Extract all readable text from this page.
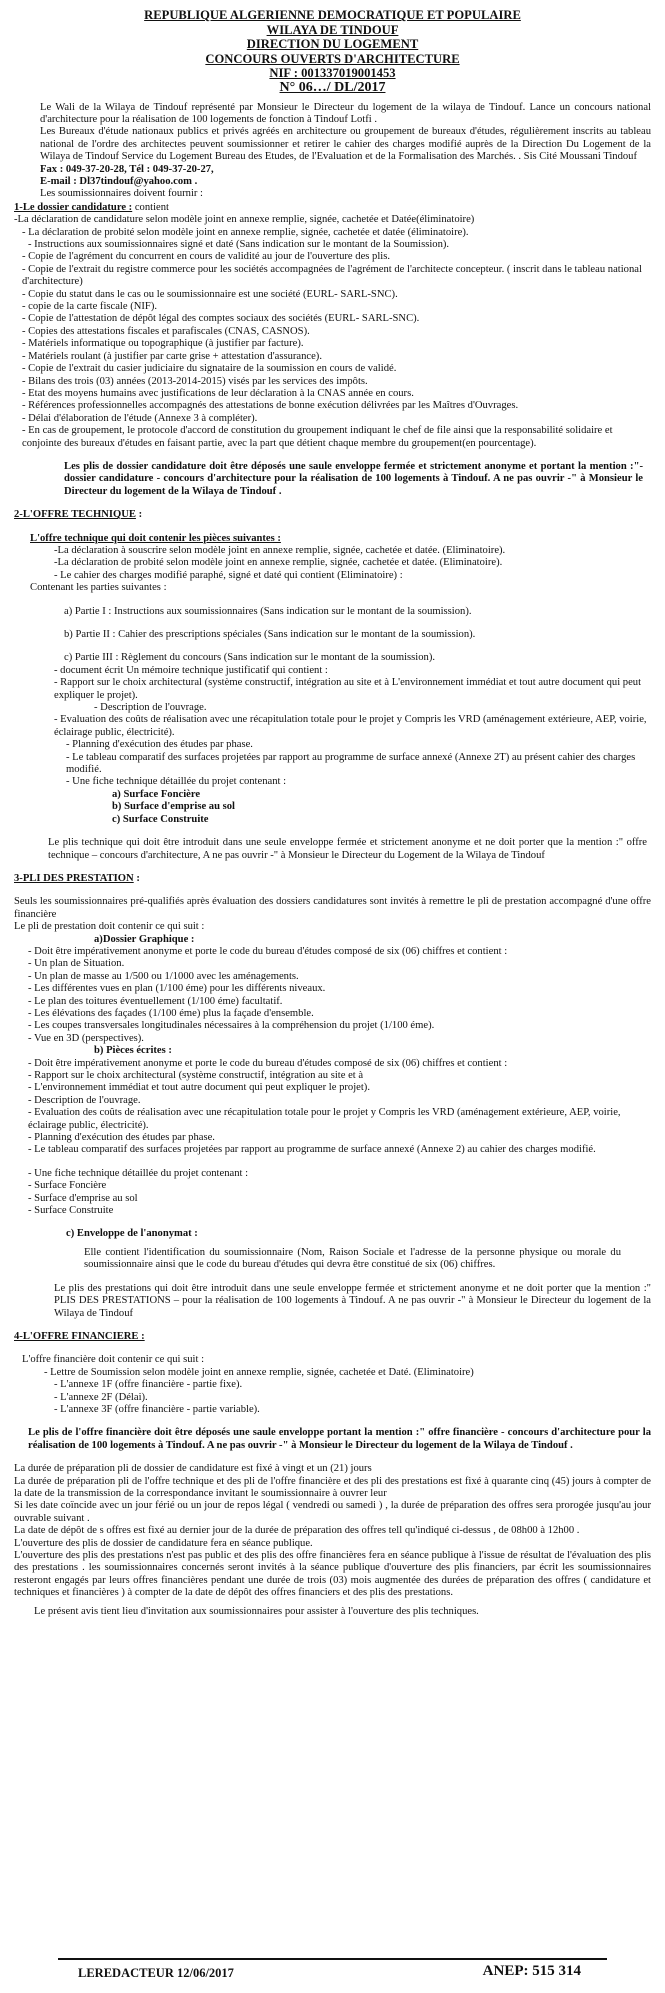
REPUBLIQUE ALGERIENNE DEMOCRATIQUE ET POPULAIRE

WILAYA DE TINDOUF

DIRECTION DU LOGEMENT

CONCOURS OUVERTS D'ARCHITECTURE

NIF : 001337019001453

N° 06…/ DL/2017

Le Wali de la Wilaya de Tindouf représenté par Monsieur le Directeur du logement de la wilaya de Tindouf. Lance un concours national d'architecture pour la réalisation de 100 logements de fonction à Tindouf Lotfi .

Les Bureaux d'étude nationaux publics et privés agréés en architecture ou groupement de bureaux d'études, régulièrement inscrits au tableau national de l'ordre des architectes peuvent soumissionner et retirer le cahier des charges modifié auprès de la Direction Du Logement de la Wilaya de Tindouf Service du Logement Bureau des Etudes, de l'Evaluation et de la Formalisation des Marchés. . Sis Cité Moussani Tindouf

Fax : 049-37-20-28, Tél : 049-37-20-27,

E-mail : Dl37tindouf@yahoo.com .

Les soumissionnaires doivent fournir :

1-Le dossier candidature : contient

-La déclaration de candidature selon modèle joint en annexe remplie, signée, cachetée et Datée(éliminatoire)

- La déclaration de probité selon modèle joint en annexe remplie, signée, cachetée et datée (éliminatoire).

- Instructions aux soumissionnaires signé et daté (Sans indication sur le montant de la Soumission).

- Copie de l'agrément du concurrent en cours de validité au jour de l'ouverture des plis.

- Copie de l'extrait du registre commerce pour les sociétés accompagnées de l'agrément de l'architecte concepteur. ( inscrit dans le tableau national d'architecture)

- Copie du statut dans le cas ou le soumissionnaire est une société (EURL- SARL-SNC).

- copie de la carte fiscale (NIF).

- Copie de l'attestation de dépôt légal des comptes sociaux des sociétés (EURL- SARL-SNC).

- Copies des attestations fiscales et parafiscales (CNAS, CASNOS).

- Matériels informatique ou topographique (à justifier par facture).

- Matériels roulant (à justifier par carte grise + attestation d'assurance).

- Copie de l'extrait du casier judiciaire du signataire de la soumission en cours de validé.

- Bilans des trois (03) années (2013-2014-2015) visés par les services des impôts.

- Etat des moyens humains avec justifications de leur déclaration à la CNAS année en cours.

- Références professionnelles accompagnés des attestations de bonne exécution délivrées par les Maîtres d'Ouvrages.

- Délai d'élaboration de l'étude (Annexe 3 à compléter).

- En cas de groupement, le protocole d'accord de constitution du groupement indiquant le chef de file ainsi que la responsabilité solidaire et conjointe des bureaux d'études en faisant partie, avec la part que détient chaque membre du groupement(en pourcentage).

Les plis de dossier candidature doit être déposés une saule enveloppe fermée et strictement anonyme et portant la mention :"- dossier candidature - concours d'architecture pour la réalisation de 100 logements à Tindouf. A ne pas ouvrir -" à Monsieur le Directeur du logement de la Wilaya de Tindouf .

2-L'OFFRE TECHNIQUE :

L'offre technique qui doit contenir les pièces suivantes :

-La déclaration à souscrire selon modèle joint en annexe remplie, signée, cachetée et datée. (Eliminatoire).

-La déclaration de probité selon modèle joint en annexe remplie, signée, cachetée et datée. (Eliminatoire).

- Le cahier des charges modifié paraphé, signé et daté qui contient (Eliminatoire) :

Contenant les parties suivantes :

a) Partie I : Instructions aux soumissionnaires (Sans indication sur le montant de la soumission).

b) Partie II : Cahier des prescriptions spéciales (Sans indication sur le montant de la soumission).

c) Partie III : Règlement du concours (Sans indication sur le montant de la soumission).

- document écrit Un mémoire technique justificatif qui contient :

- Rapport sur le choix architectural (système constructif, intégration au site et à L'environnement immédiat et tout autre document qui peut expliquer le projet).

- Description de l'ouvrage.

- Evaluation des coûts de réalisation avec une récapitulation totale pour le projet y Compris les VRD (aménagement extérieure, AEP, voirie, éclairage public, électricité).

- Planning d'exécution des études par phase.

- Le tableau comparatif des surfaces projetées par rapport au programme de surface annexé (Annexe 2T) au présent cahier des charges modifié.

- Une fiche technique détaillée du projet contenant :

a) Surface Foncière

b) Surface d'emprise au sol

c) Surface Construite

Le plis technique qui doit être introduit dans une seule enveloppe fermée et strictement anonyme et ne doit porter que la mention :" offre technique – concours d'architecture, A ne pas ouvrir -" à Monsieur le Directeur du Logement de la Wilaya de Tindouf

3-PLI DES PRESTATION :

Seuls les soumissionnaires pré-qualifiés après évaluation des dossiers candidatures sont invités à remettre le pli de prestation accompagné d'une offre financière

Le pli de prestation doit contenir ce qui suit :

a)Dossier Graphique :

- Doit être impérativement anonyme et porte le code du bureau d'études composé de six (06) chiffres et contient :

- Un plan de Situation.

- Un plan de masse au 1/500 ou 1/1000 avec les aménagements.

- Les différentes vues en plan (1/100 éme) pour les différents niveaux.

- Le plan des toitures éventuellement (1/100 éme) facultatif.

- Les élévations des façades (1/100 éme) plus la façade d'ensemble.

- Les coupes transversales longitudinales nécessaires à la compréhension du projet (1/100 éme).

- Vue en 3D (perspectives).

b) Pièces écrites :

- Doit être impérativement anonyme et porte le code du bureau d'études composé de six (06) chiffres et contient :

- Rapport sur le choix architectural (système constructif, intégration au site et à

- L'environnement immédiat et tout autre document qui peut expliquer le projet).

- Description de l'ouvrage.

- Evaluation des coûts de réalisation avec une récapitulation totale pour le projet y Compris les VRD (aménagement extérieure, AEP, voirie, éclairage public, électricité).

- Planning d'exécution des études par phase.

- Le tableau comparatif des surfaces projetées par rapport au programme de surface annexé (Annexe 2) au cahier des charges modifié.

- Une fiche technique détaillée du projet contenant :

- Surface Foncière

- Surface d'emprise au sol

- Surface Construite

c) Enveloppe de l'anonymat :

Elle contient l'identification du soumissionnaire (Nom, Raison Sociale et l'adresse de la personne physique ou morale du soumissionnaire ainsi que le code du bureau d'études qui devra être constitué de six (06) chiffres.

Le plis des prestations qui doit être introduit dans une seule enveloppe fermée et strictement anonyme et ne doit porter que la mention :" PLIS DES PRESTATIONS – pour la réalisation de 100 logements à Tindouf. A ne pas ouvrir -" à Monsieur le Directeur du logement de la Wilaya de Tindouf

4-L'OFFRE FINANCIERE :

L'offre financière doit contenir ce qui suit :

- Lettre de Soumission selon modèle joint en annexe remplie, signée, cachetée et Daté. (Eliminatoire)

- L'annexe 1F (offre financière - partie fixe).

- L'annexe 2F (Délai).

- L'annexe 3F (offre financière - partie variable).

Le plis de l'offre financière doit être déposés une saule enveloppe portant la mention :" offre financière - concours d'architecture pour la réalisation de 100 logements à Tindouf. A ne pas ouvrir -" à Monsieur le Directeur du logement de la Wilaya de Tindouf .

La durée de préparation pli de dossier de candidature est fixé à vingt et un (21) jours

La durée de préparation pli de l'offre technique et des pli de l'offre financière et des pli des prestations est fixé à quarante cinq (45) jours à compter de la date de la transmission de la correspondance invitant le soumissionnaire à ouvrer leur

Si les date coïncide avec un jour férié ou un jour de repos légal ( vendredi ou samedi ) , la durée de préparation des offres sera prorogée jusqu'au jour ouvrable suivant .

La date de dépôt de s offres est fixé au dernier jour de la durée de préparation des offres tell qu'indiqué ci-dessus , de 08h00 à 12h00 .

L'ouverture des plis de dossier de candidature fera en séance publique.

L'ouverture des plis des prestations n'est pas public et des plis des offre financières fera en séance publique à l'issue de résultat de l'évaluation des plis des prestations . les soumissionnaires concernés seront invités à la séance publique d'ouverture des plis financiers, par écrit les soumissionnaires resteront engagés par leurs offres financières pendant une durée de trois (03) mois augmentée des durées de préparation des offres ( candidature et techniques et financières ) à compter de la date de dépôt des offres financiers et des plis des prestations.

Le présent avis tient lieu d'invitation aux soumissionnaires pour assister à l'ouverture des plis techniques.

LEREDACTEUR 12/06/2017	ANEP: 515 314
